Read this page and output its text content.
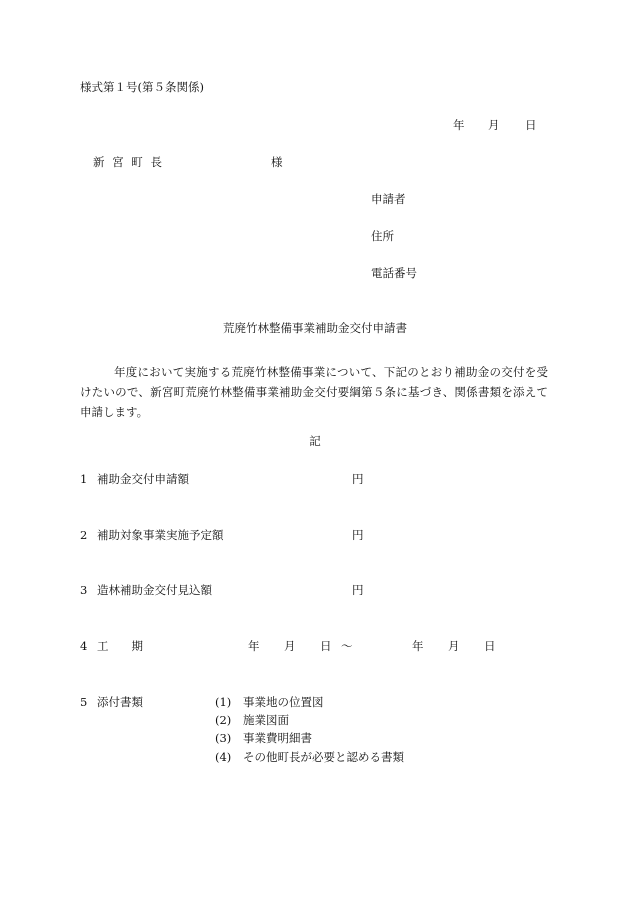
様式第１号(第５条関係)
年 月 日
新 宮 町 長	様
申請者
住所
電話番号
荒廃竹林整備事業補助金交付申請書
年度において実施する荒廃竹林整備事業について、下記のとおり補助金の交付を受けたいので、新宮町荒廃竹林整備事業補助金交付要綱第５条に基づき、関係書類を添えて申請します。
記
1 補助金交付申請額	円
2 補助対象事業実施予定額	円
3 造林補助金交付見込額	円
4 工　　期	年 月 日 ～	年 月 日
5 添付書類	(1) 事業地の位置図
(2) 施業図面
(3) 事業費明細書
(4) その他町長が必要と認める書類
